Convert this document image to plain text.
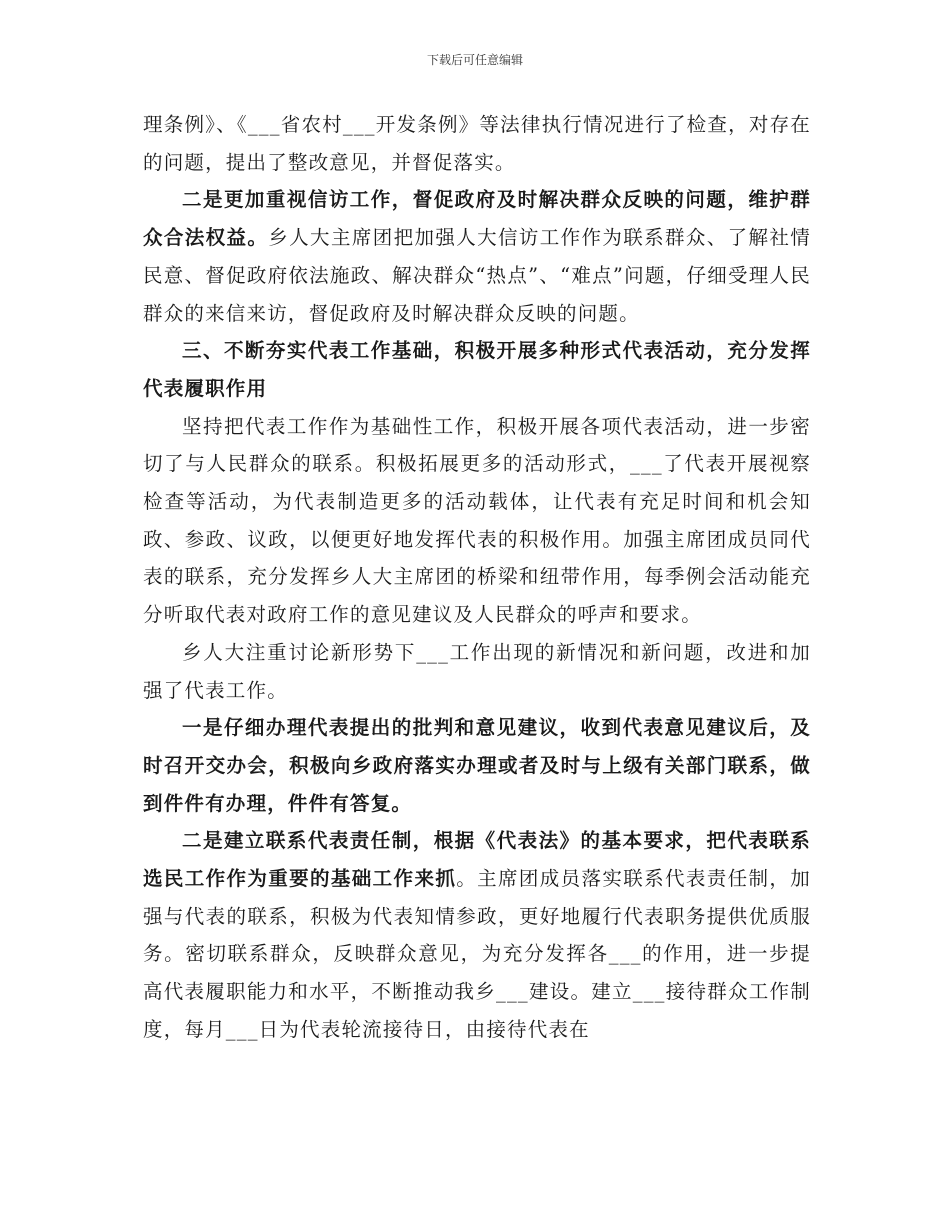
下载后可任意编辑

理条例》、《___省农村___开发条例》等法律执行情况进行了检查，对存在的问题，提出了整改意见，并督促落实。

二是更加重视信访工作，督促政府及时解决群众反映的问题，维护群众合法权益。乡人大主席团把加强人大信访工作作为联系群众、了解社情民意、督促政府依法施政、解决群众“热点”、“难点”问题，仔细受理人民群众的来信来访，督促政府及时解决群众反映的问题。

三、不断夯实代表工作基础，积极开展多种形式代表活动，充分发挥代表履职作用

坚持把代表工作作为基础性工作，积极开展各项代表活动，进一步密切了与人民群众的联系。积极拓展更多的活动形式，___了代表开展视察检查等活动，为代表制造更多的活动载体，让代表有充足时间和机会知政、参政、议政，以便更好地发挥代表的积极作用。加强主席团成员同代表的联系，充分发挥乡人大主席团的桥梁和纽带作用，每季例会活动能充分听取代表对政府工作的意见建议及人民群众的呼声和要求。

乡人大注重讨论新形势下___工作出现的新情况和新问题，改进和加强了代表工作。

一是仔细办理代表提出的批判和意见建议，收到代表意见建议后，及时召开交办会，积极向乡政府落实办理或者及时与上级有关部门联系，做到件件有办理，件件有答复。

二是建立联系代表责任制，根据《代表法》的基本要求，把代表联系选民工作作为重要的基础工作来抓。主席团成员落实联系代表责任制，加强与代表的联系，积极为代表知情参政，更好地履行代表职务提供优质服务。密切联系群众，反映群众意见，为充分发挥各___的作用，进一步提高代表履职能力和水平，不断推动我乡___建设。建立___接待群众工作制度，每月___日为代表轮流接待日，由接待代表在
